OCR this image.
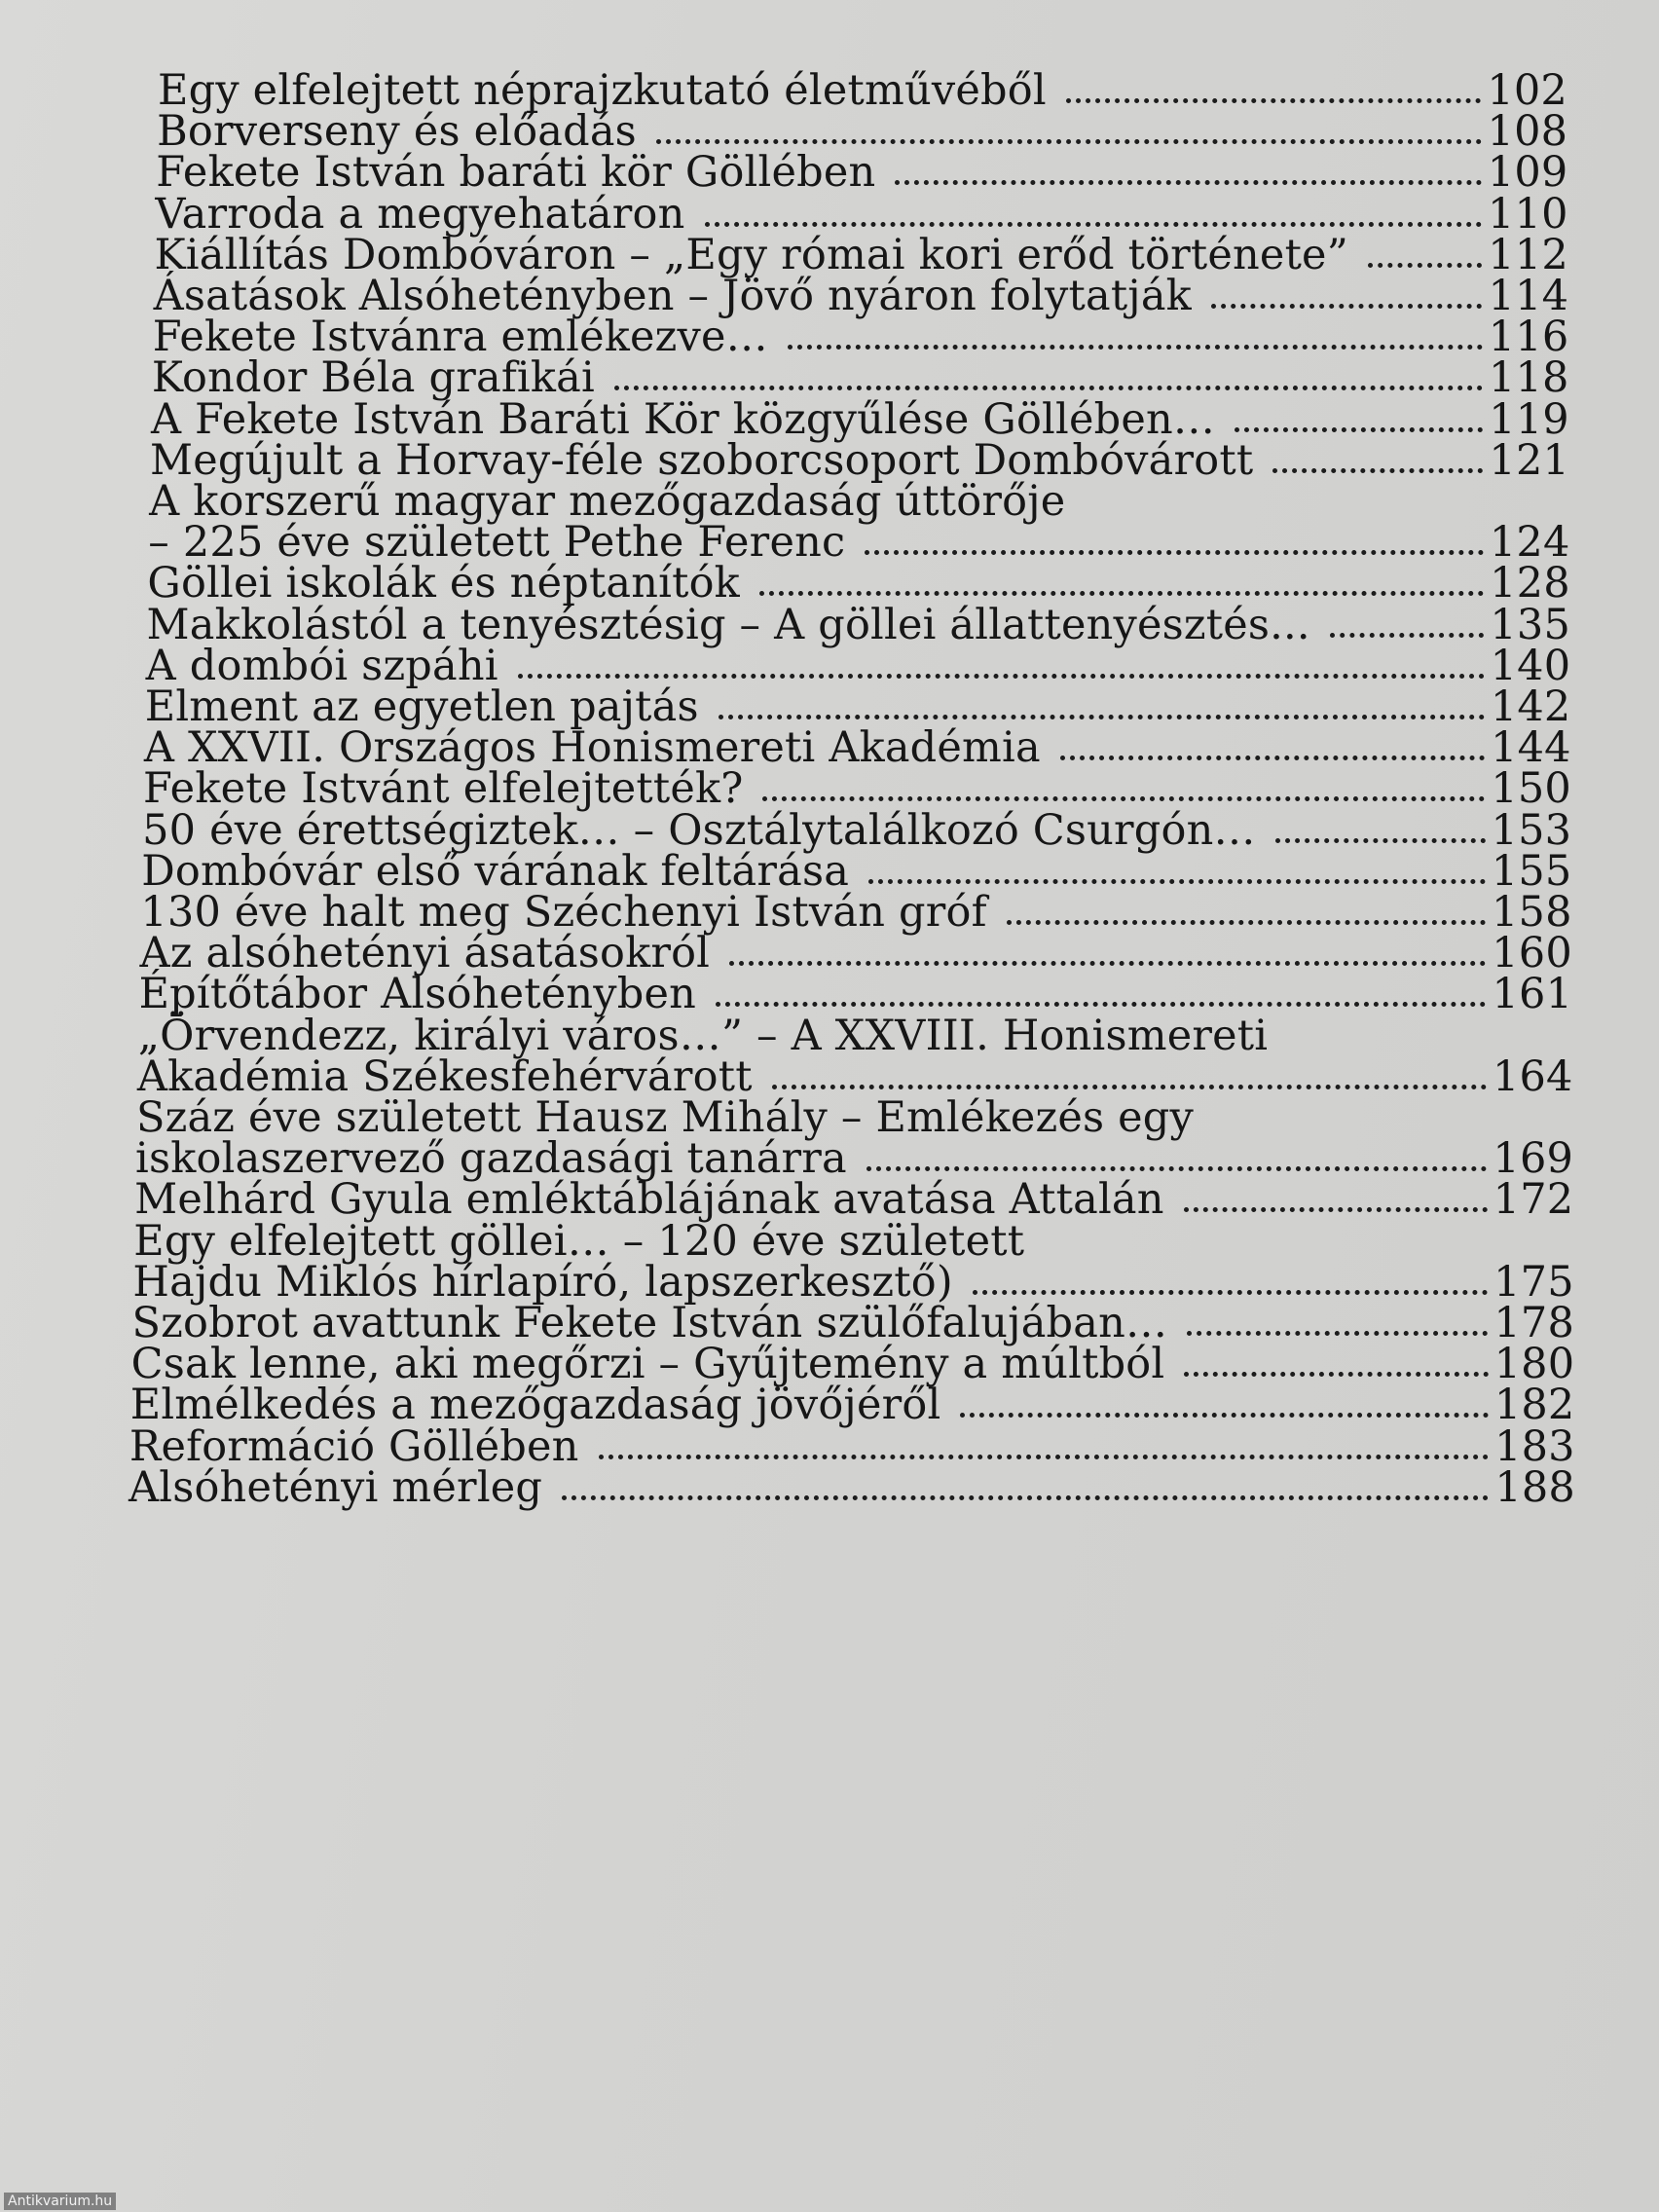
Egy elfelejtett néprajzkutató életművéből	102
Borverseny és előadás	108
Fekete István baráti kör Göllében	109
Varroda a megyehatáron	110
Kiállítás Dombóváron – „Egy római kori erőd története”	112
Ásatások Alsóhetényben – Jövő nyáron folytatják	114
Fekete Istvánra emlékezve…	116
Kondor Béla grafikái	118
A Fekete István Baráti Kör közgyűlése Göllében…	119
Megújult a Horvay-féle szoborcsoport Dombóvárott	121
A korszerű magyar mezőgazdaság úttörője
– 225 éve született Pethe Ferenc	124
Göllei iskolák és néptanítók	128
Makkolástól a tenyésztésig – A göllei állattenyésztés...	135
A dombói szpáhi	140
Elment az egyetlen pajtás	142
A XXVII. Országos Honismereti Akadémia	144
Fekete Istvánt elfelejtették?	150
50 éve érettségiztek… – Osztálytalálkozó Csurgón…	153
Dombóvár első várának feltárása	155
130 éve halt meg Széchenyi István gróf	158
Az alsóhetényi ásatásokról	160
Építőtábor Alsóhetényben	161
„Örvendezz, királyi város…” – A XXVIII. Honismereti
Akadémia Székesfehérvárott	164
Száz éve született Hausz Mihály – Emlékezés egy
iskolaszervező gazdasági tanárra	169
Melhárd Gyula emléktáblájának avatása Attalán	172
Egy elfelejtett göllei… – 120 éve született
Hajdu Miklós hírlapíró, lapszerkesztő)	175
Szobrot avattunk Fekete István szülőfalujában…	178
Csak lenne, aki megőrzi – Gyűjtemény a múltból	180
Elmélkedés a mezőgazdaság jövőjéről	182
Reformáció Göllében	183
Alsóhetényi mérleg	188
Antikvarium.hu
